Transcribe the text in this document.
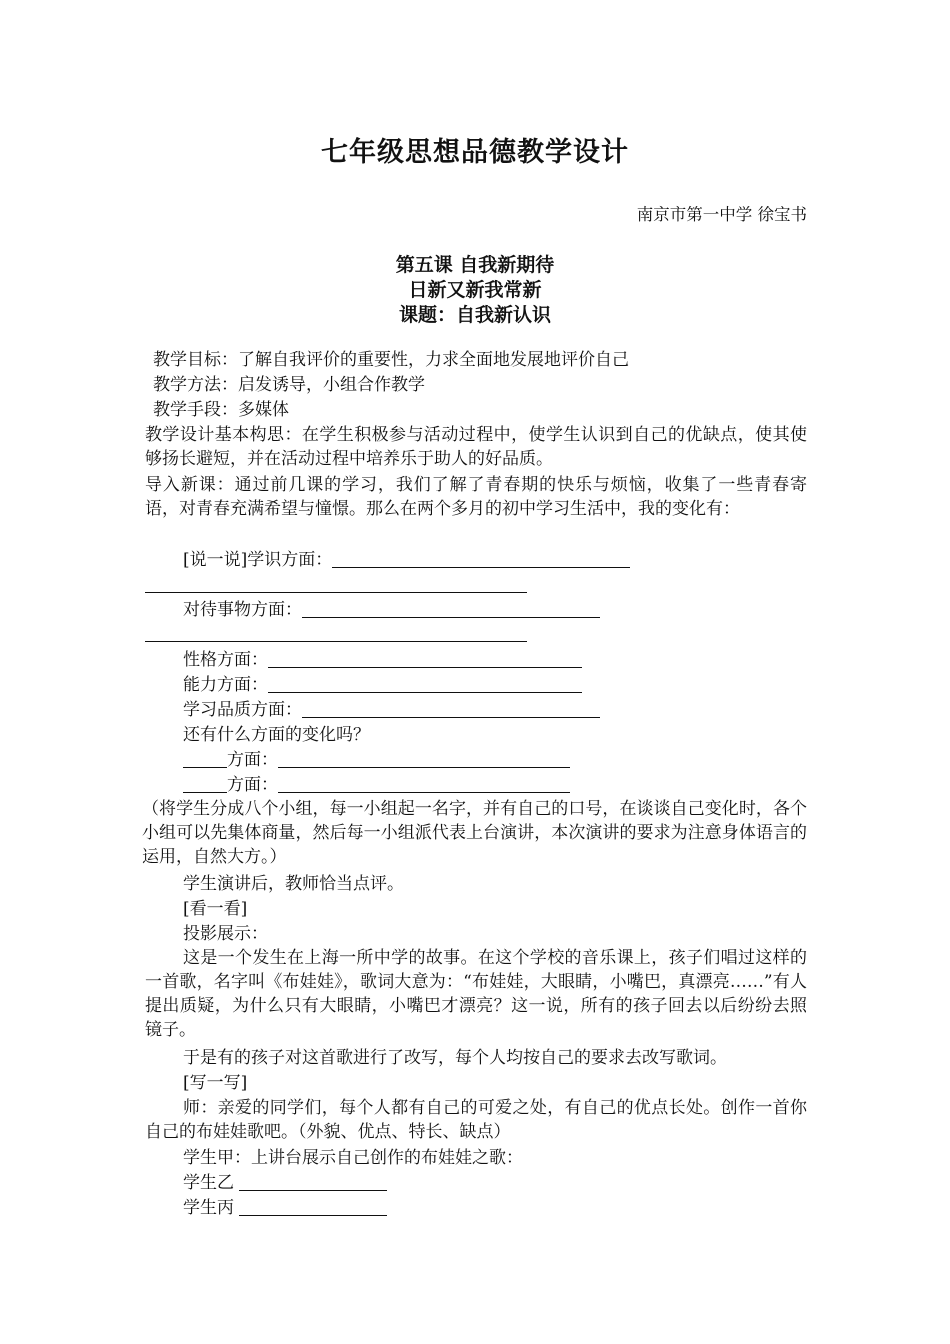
七年级思想品德教学设计
南京市第一中学 徐宝书
第五课 自我新期待
日新又新我常新
课题：自我新认识
教学目标：了解自我评价的重要性，力求全面地发展地评价自己
教学方法：启发诱导，小组合作教学
教学手段：多媒体
教学设计基本构思：在学生积极参与活动过程中，使学生认识到自己的优缺点，使其使够扬长避短，并在活动过程中培养乐于助人的好品质。
导入新课：通过前几课的学习，我们了解了青春期的快乐与烦恼，收集了一些青春寄语，对青春充满希望与憧憬。那么在两个多月的初中学习生活中，我的变化有：
[说一说]学识方面：
对待事物方面：
性格方面：
能力方面：
学习品质方面：
还有什么方面的变化吗？
方面：
方面：
（将学生分成八个小组，每一小组起一名字，并有自己的口号，在谈谈自己变化时，各个小组可以先集体商量，然后每一小组派代表上台演讲，本次演讲的要求为注意身体语言的运用，自然大方。）
学生演讲后，教师恰当点评。
[看一看]
投影展示：
这是一个发生在上海一所中学的故事。在这个学校的音乐课上，孩子们唱过这样的一首歌，名字叫《布娃娃》，歌词大意为：“布娃娃，大眼睛，小嘴巴，真漂亮……”有人提出质疑，为什么只有大眼睛，小嘴巴才漂亮？这一说，所有的孩子回去以后纷纷去照镜子。
于是有的孩子对这首歌进行了改写，每个人均按自己的要求去改写歌词。
[写一写]
师：亲爱的同学们，每个人都有自己的可爱之处，有自己的优点长处。创作一首你自己的布娃娃歌吧。（外貌、优点、特长、缺点）
学生甲：上讲台展示自己创作的布娃娃之歌：
学生乙
学生丙
